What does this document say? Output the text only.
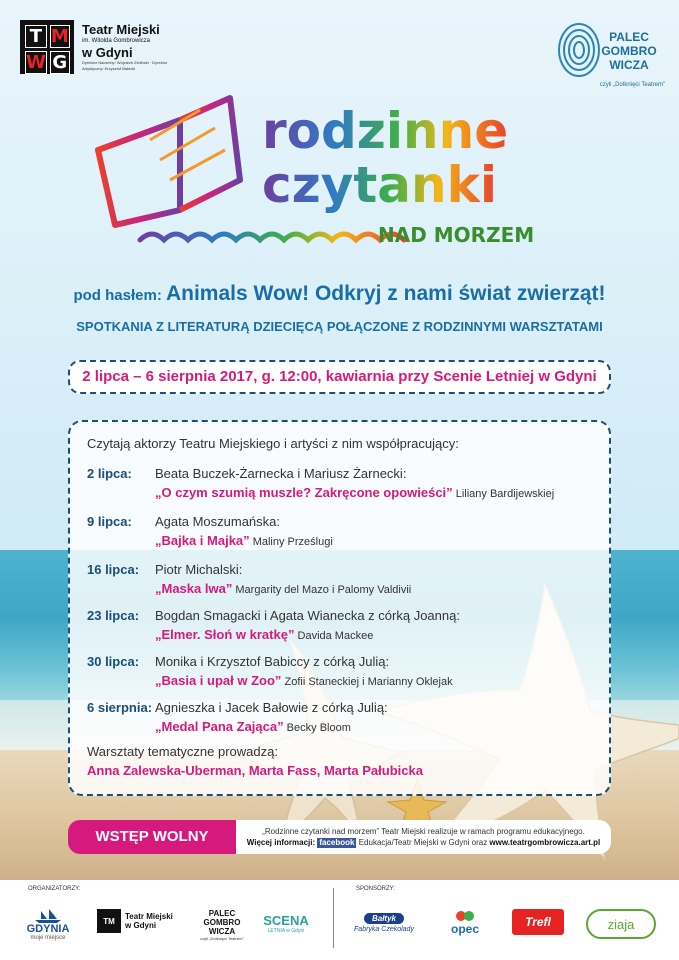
T M
W G
Teatr Miejski
im. Witolda Gombrowicza
w Gdyni
Dyrektor Naczelny: Wojciech Zieliński · Dyrektor Artystyczny: Krzysztof Babicki
PALEC
GOMBRO
WICZA
czyli „Dotknięci Teatrem”
rodzinne
czytanki
NAD MORZEM
pod hasłem: Animals Wow! Odkryj z nami świat zwierząt!
SPOTKANIA Z LITERATURĄ DZIECIĘCĄ POŁĄCZONE Z RODZINNYMI WARSZTATAMI
2 lipca – 6 sierpnia 2017, g. 12:00, kawiarnia przy Scenie Letniej w Gdyni
Czytają aktorzy Teatru Miejskiego i artyści z nim współpracujący:
2 lipca: Beata Buczek-Żarnecka i Mariusz Żarnecki:
„O czym szumią muszle? Zakręcone opowieści” Liliany Bardijewskiej
9 lipca: Agata Moszumańska:
„Bajka i Majka” Maliny Prześlugi
16 lipca: Piotr Michalski:
„Maska lwa” Margarity del Mazo i Palomy Valdivii
23 lipca: Bogdan Smagacki i Agata Wianecka z córką Joanną:
„Elmer. Słoń w kratkę” Davida Mackee
30 lipca: Monika i Krzysztof Babiccy z córką Julią:
„Basia i upał w Zoo” Zofii Staneckiej i Marianny Oklejak
6 sierpnia: Agnieszka i Jacek Bałowie z córką Julią:
„Medal Pana Zająca” Becky Bloom
Warsztaty tematyczne prowadzą:
Anna Zalewska-Uberman, Marta Fass, Marta Pałubicka
WSTĘP WOLNY	„Rodzinne czytanki nad morzem” Teatr Miejski realizuje w ramach programu edukacyjnego.
Więcej informacji: facebook Edukacja/Teatr Miejski w Gdyni oraz www.teatrgombrowicza.art.pl
ORGANIZATORZY:	SPONSORZY:
GDYNIA
moje miejsce
TM	Teatr Miejski w Gdyni
PALEC GOMBRO WICZA
czyli „Dotknięci Teatrem”
SCENA
LETNIA w Gdyni
Bałtyk
Fabryka Czekolady	opec	Trefl	ziaja
